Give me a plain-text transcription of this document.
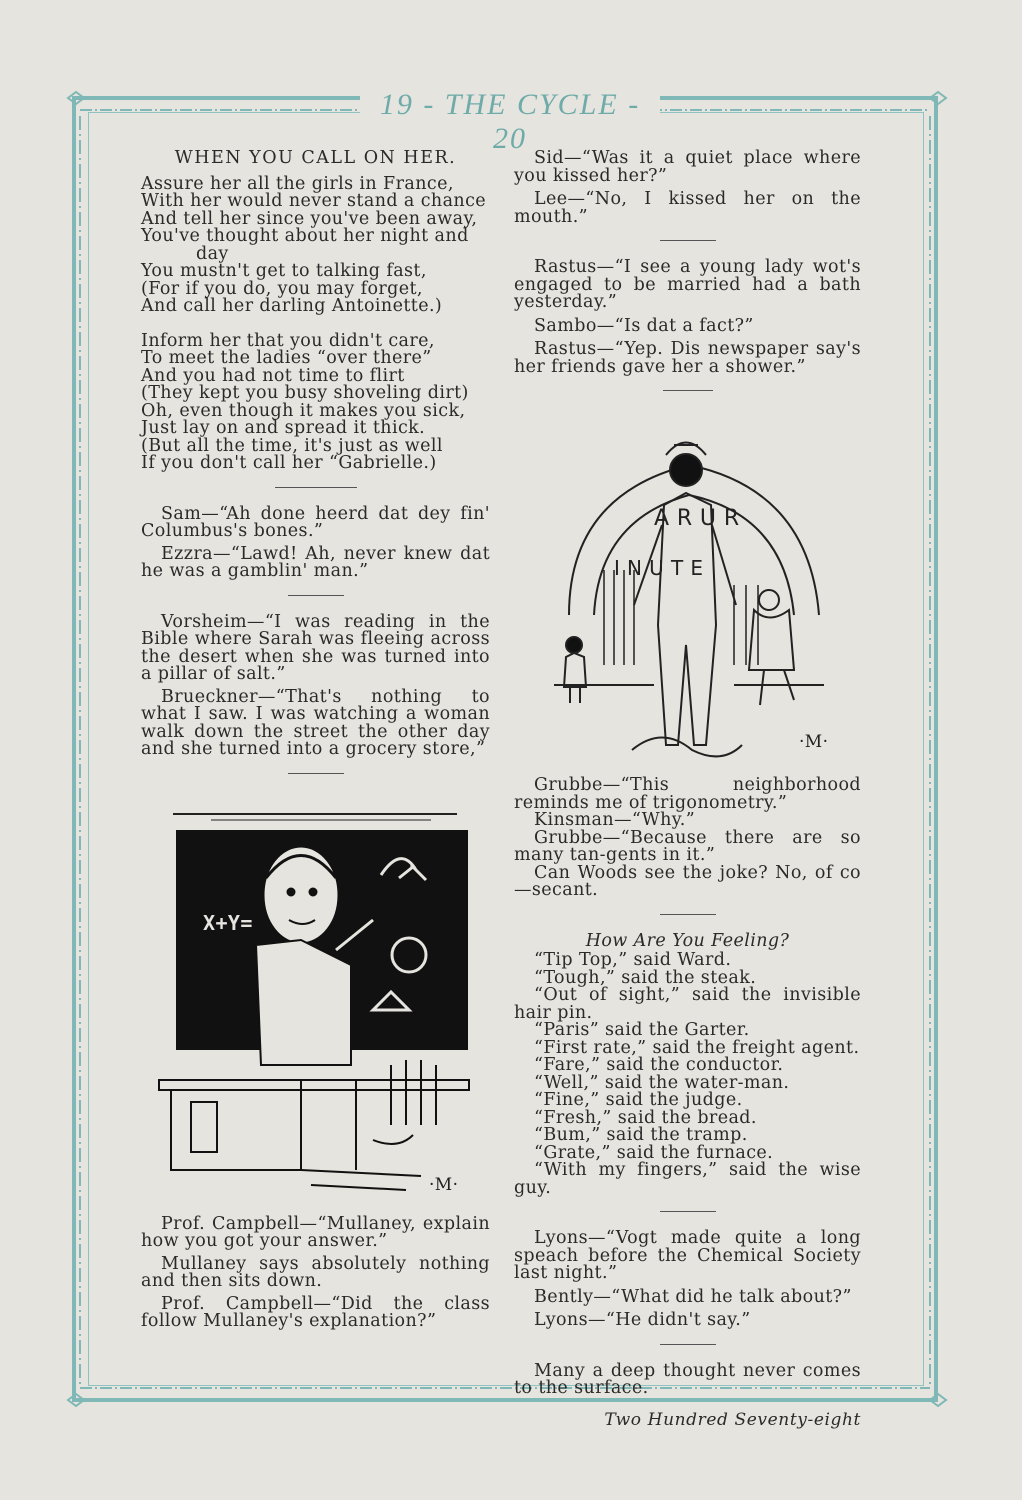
19 - THE CYCLE - 20

WHEN YOU CALL ON HER.

Assure her all the girls in France,

With her would never stand a chance

And tell her since you've been away,

You've thought about her night and

day

You mustn't get to talking fast,

(For if you do, you may forget,

And call her darling Antoinette.)

Inform her that you didn't care,

To meet the ladies “over there”

And you had not time to flirt

(They kept you busy shoveling dirt)

Oh, even though it makes you sick,

Just lay on and spread it thick.

(But all the time, it's just as well

If you don't call her “Gabrielle.)

Sam—“Ah done heerd dat dey fin' Columbus's bones.”

Ezzra—“Lawd! Ah, never knew dat he was a gamblin' man.”

Vorsheim—“I was reading in the Bible where Sarah was fleeing across the desert when she was turned into a pillar of salt.”

Brueckner—“That's nothing to what I saw. I was watching a woman walk down the street the other day and she turned into a grocery store,”

X+Y=
·M·

Prof. Campbell—“Mullaney, explain how you got your answer.”

Mullaney says absolutely nothing and then sits down.

Prof. Campbell—“Did the class follow Mullaney's explanation?”

Sid—“Was it a quiet place where you kissed her?”

Lee—“No, I kissed her on the mouth.”

Rastus—“I see a young lady wot's engaged to be married had a bath yesterday.”

Sambo—“Is dat a fact?”

Rastus—“Yep. Dis newspaper say's her friends gave her a shower.”

A R U R
I N U T E
·M·

Grubbe—“This neighborhood reminds me of trigonometry.”

Kinsman—“Why.”

Grubbe—“Because there are so many tan-gents in it.”

Can Woods see the joke? No, of co—secant.

How Are You Feeling?

“Tip Top,” said Ward.

“Tough,” said the steak.

“Out of sight,” said the invisible hair pin.

“Paris” said the Garter.

“First rate,” said the freight agent.

“Fare,” said the conductor.

“Well,” said the water-man.

“Fine,” said the judge.

“Fresh,” said the bread.

“Bum,” said the tramp.

“Grate,” said the furnace.

“With my fingers,” said the wise guy.

Lyons—“Vogt made quite a long speach before the Chemical Society last night.”

Bently—“What did he talk about?”

Lyons—“He didn't say.”

Many a deep thought never comes to the surface.

Two Hundred Seventy-eight
